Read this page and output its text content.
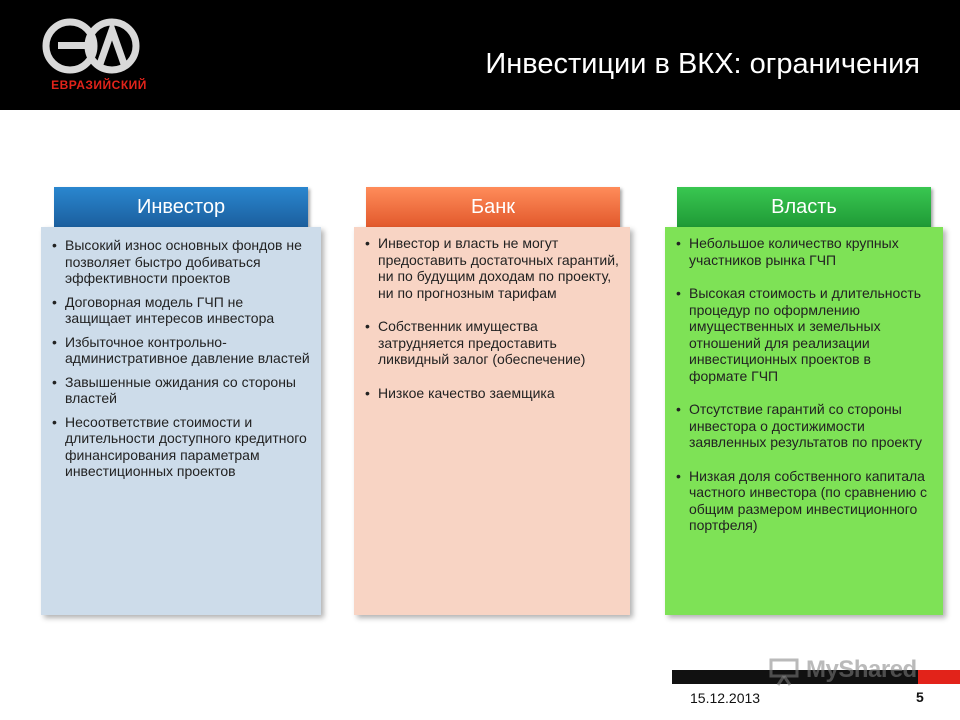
ЕВРАЗИЙСКИЙ
Инвестиции в ВКХ: ограничения
Инвестор
• Высокий износ основных фондов не позволяет быстро добиваться эффективности проектов
• Договорная модель ГЧП не защищает интересов инвестора
• Избыточное контрольно-административное давление властей
• Завышенные ожидания со стороны властей
• Несоответствие стоимости и длительности доступного кредитного финансирования параметрам инвестиционных проектов
Банк
• Инвестор и власть не могут предоставить достаточных гарантий, ни по будущим доходам по проекту, ни по прогнозным тарифам
• Собственник имущества затрудняется предоставить ликвидный залог (обеспечение)
• Низкое качество заемщика
Власть
• Небольшое количество крупных участников рынка ГЧП
• Высокая стоимость и длительность процедур по оформлению имущественных и земельных отношений для реализации инвестиционных проектов в формате ГЧП
• Отсутствие гарантий со стороны инвестора о достижимости заявленных результатов по проекту
• Низкая доля собственного капитала частного инвестора (по сравнению с общим размером инвестиционного портфеля)
MyShared
15.12.2013	5
